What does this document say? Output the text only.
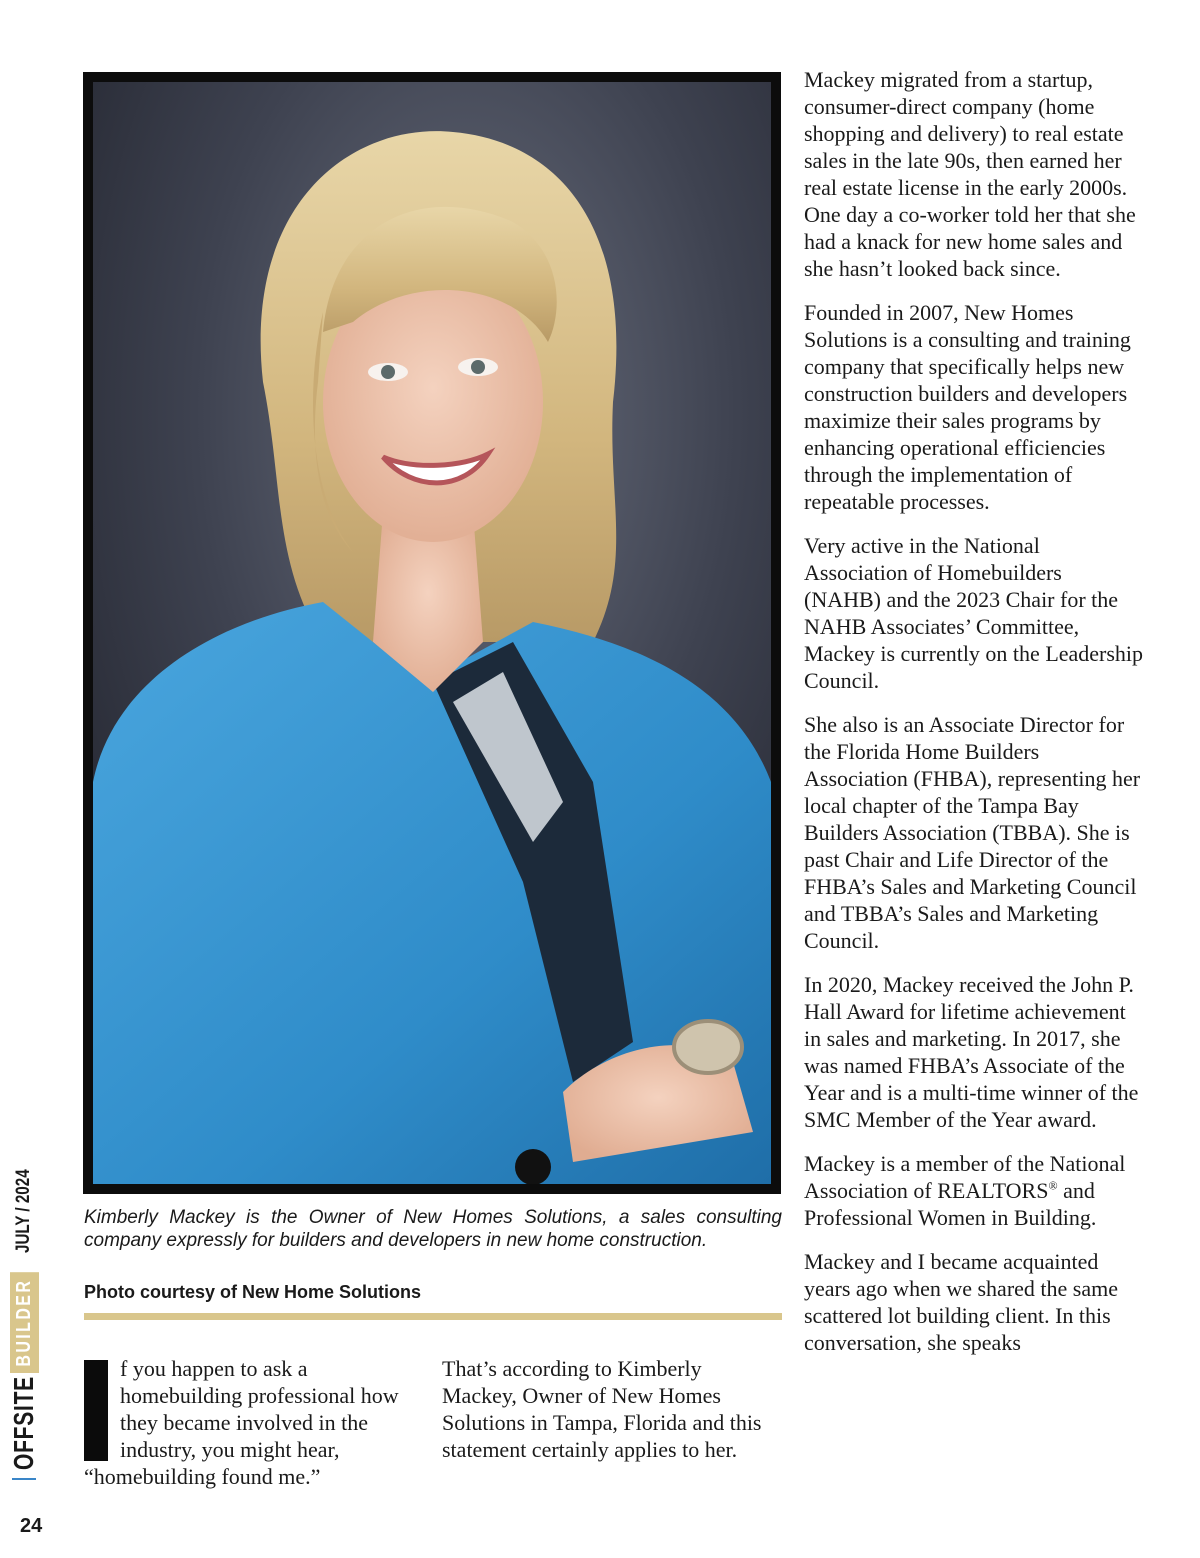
Kimberly Mackey is the Owner of New Homes Solutions, a sales consulting company expressly for builders and developers in new home construction.
Photo courtesy of New Home Solutions
f you happen to ask a homebuilding professional how they became involved in the industry, you might hear, “homebuilding found me.”
That’s according to Kimberly Mackey, Owner of New Homes Solutions in Tampa, Florida and this statement certainly applies to her.

Mackey migrated from a startup, consumer-direct company (home shopping and delivery) to real estate sales in the late 90s, then earned her real estate license in the early 2000s. One day a co-worker told her that she had a knack for new home sales and she hasn’t looked back since.

Founded in 2007, New Homes Solutions is a consulting and training company that specifically helps new construction builders and developers maximize their sales programs by enhancing operational efficiencies through the implementation of repeatable processes.

Very active in the National Association of Homebuilders (NAHB) and the 2023 Chair for the NAHB Associates’ Committee, Mackey is currently on the Leadership Council.

She also is an Associate Director for the Florida Home Builders Association (FHBA), representing her local chapter of the Tampa Bay Builders Association (TBBA). She is past Chair and Life Director of the FHBA’s Sales and Marketing Council and TBBA’s Sales and Marketing Council.

In 2020, Mackey received the John P. Hall Award for lifetime achievement in sales and marketing. In 2017, she was named FHBA’s Associate of the Year and is a multi-time winner of the SMC Member of the Year award.

Mackey is a member of the National Association of REALTORS® and Professional Women in Building.

Mackey and I became acquainted years ago when we shared the same scattered lot building client. In this conversation, she speaks

OFFSITE
BUILDER
JULY / 2024
24
